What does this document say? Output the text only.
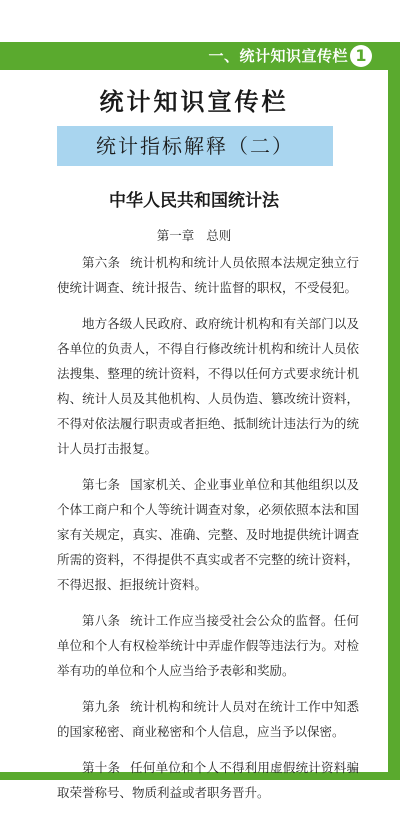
一、统计知识宣传栏 1
统计知识宣传栏
统计指标解释（二）
中华人民共和国统计法
第一章 总则

第六条 统计机构和统计人员依照本法规定独立行使统计调查、统计报告、统计监督的职权，不受侵犯。

地方各级人民政府、政府统计机构和有关部门以及各单位的负责人，不得自行修改统计机构和统计人员依法搜集、整理的统计资料，不得以任何方式要求统计机构、统计人员及其他机构、人员伪造、篡改统计资料，不得对依法履行职责或者拒绝、抵制统计违法行为的统计人员打击报复。

第七条 国家机关、企业事业单位和其他组织以及个体工商户和个人等统计调查对象，必须依照本法和国家有关规定，真实、准确、完整、及时地提供统计调查所需的资料，不得提供不真实或者不完整的统计资料，不得迟报、拒报统计资料。

第八条 统计工作应当接受社会公众的监督。任何单位和个人有权检举统计中弄虚作假等违法行为。对检举有功的单位和个人应当给予表彰和奖励。

第九条 统计机构和统计人员对在统计工作中知悉的国家秘密、商业秘密和个人信息，应当予以保密。

第十条 任何单位和个人不得利用虚假统计资料骗取荣誉称号、物质利益或者职务晋升。
